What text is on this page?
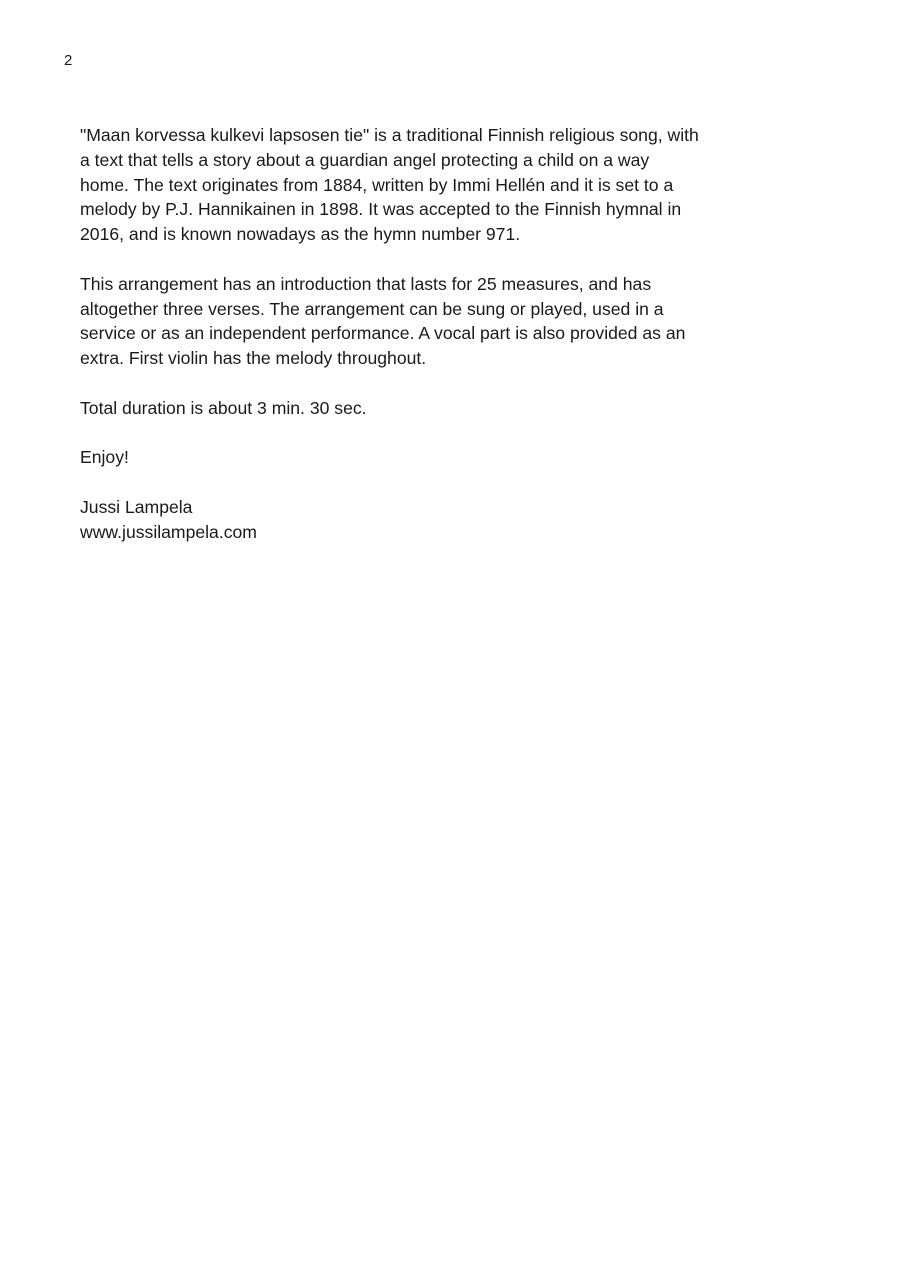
2

"Maan korvessa kulkevi lapsosen tie" is a traditional Finnish religious song, with a text that tells a story about a guardian angel protecting a child on a way home. The text originates from 1884, written by Immi Hellén and it is set to a melody by P.J. Hannikainen in 1898. It was accepted to the Finnish hymnal in 2016, and is known nowadays as the hymn number 971.

This arrangement has an introduction that lasts for 25 measures, and has altogether three verses. The arrangement can be sung or played, used in a service or as an independent performance. A vocal part is also provided as an extra. First violin has the melody throughout.

Total duration is about 3 min. 30 sec.

Enjoy!

Jussi Lampela
www.jussilampela.com
